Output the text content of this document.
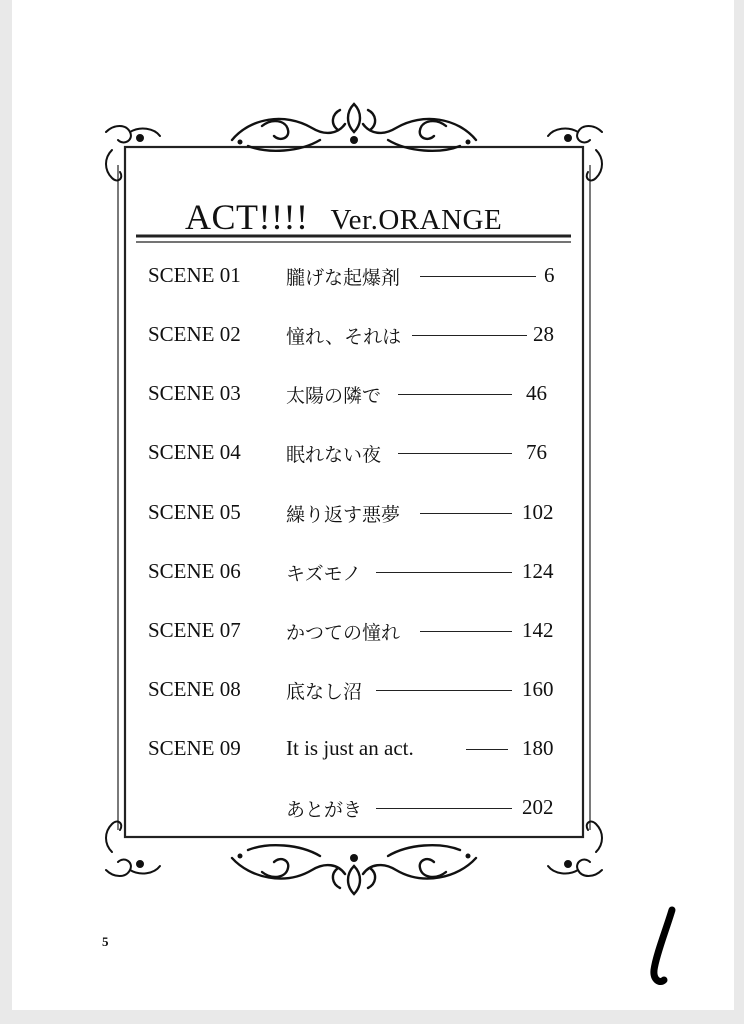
ACT!!!! Ver.ORANGE
SCENE 01 朧げな起爆剤	6
SCENE 02 憧れ、それは	28
SCENE 03 太陽の隣で	46
SCENE 04 眠れない夜	76
SCENE 05 繰り返す悪夢	102
SCENE 06 キズモノ	124
SCENE 07 かつての憧れ	142
SCENE 08 底なし沼	160
SCENE 09 It is just an act.	180
あとがき	202
5
